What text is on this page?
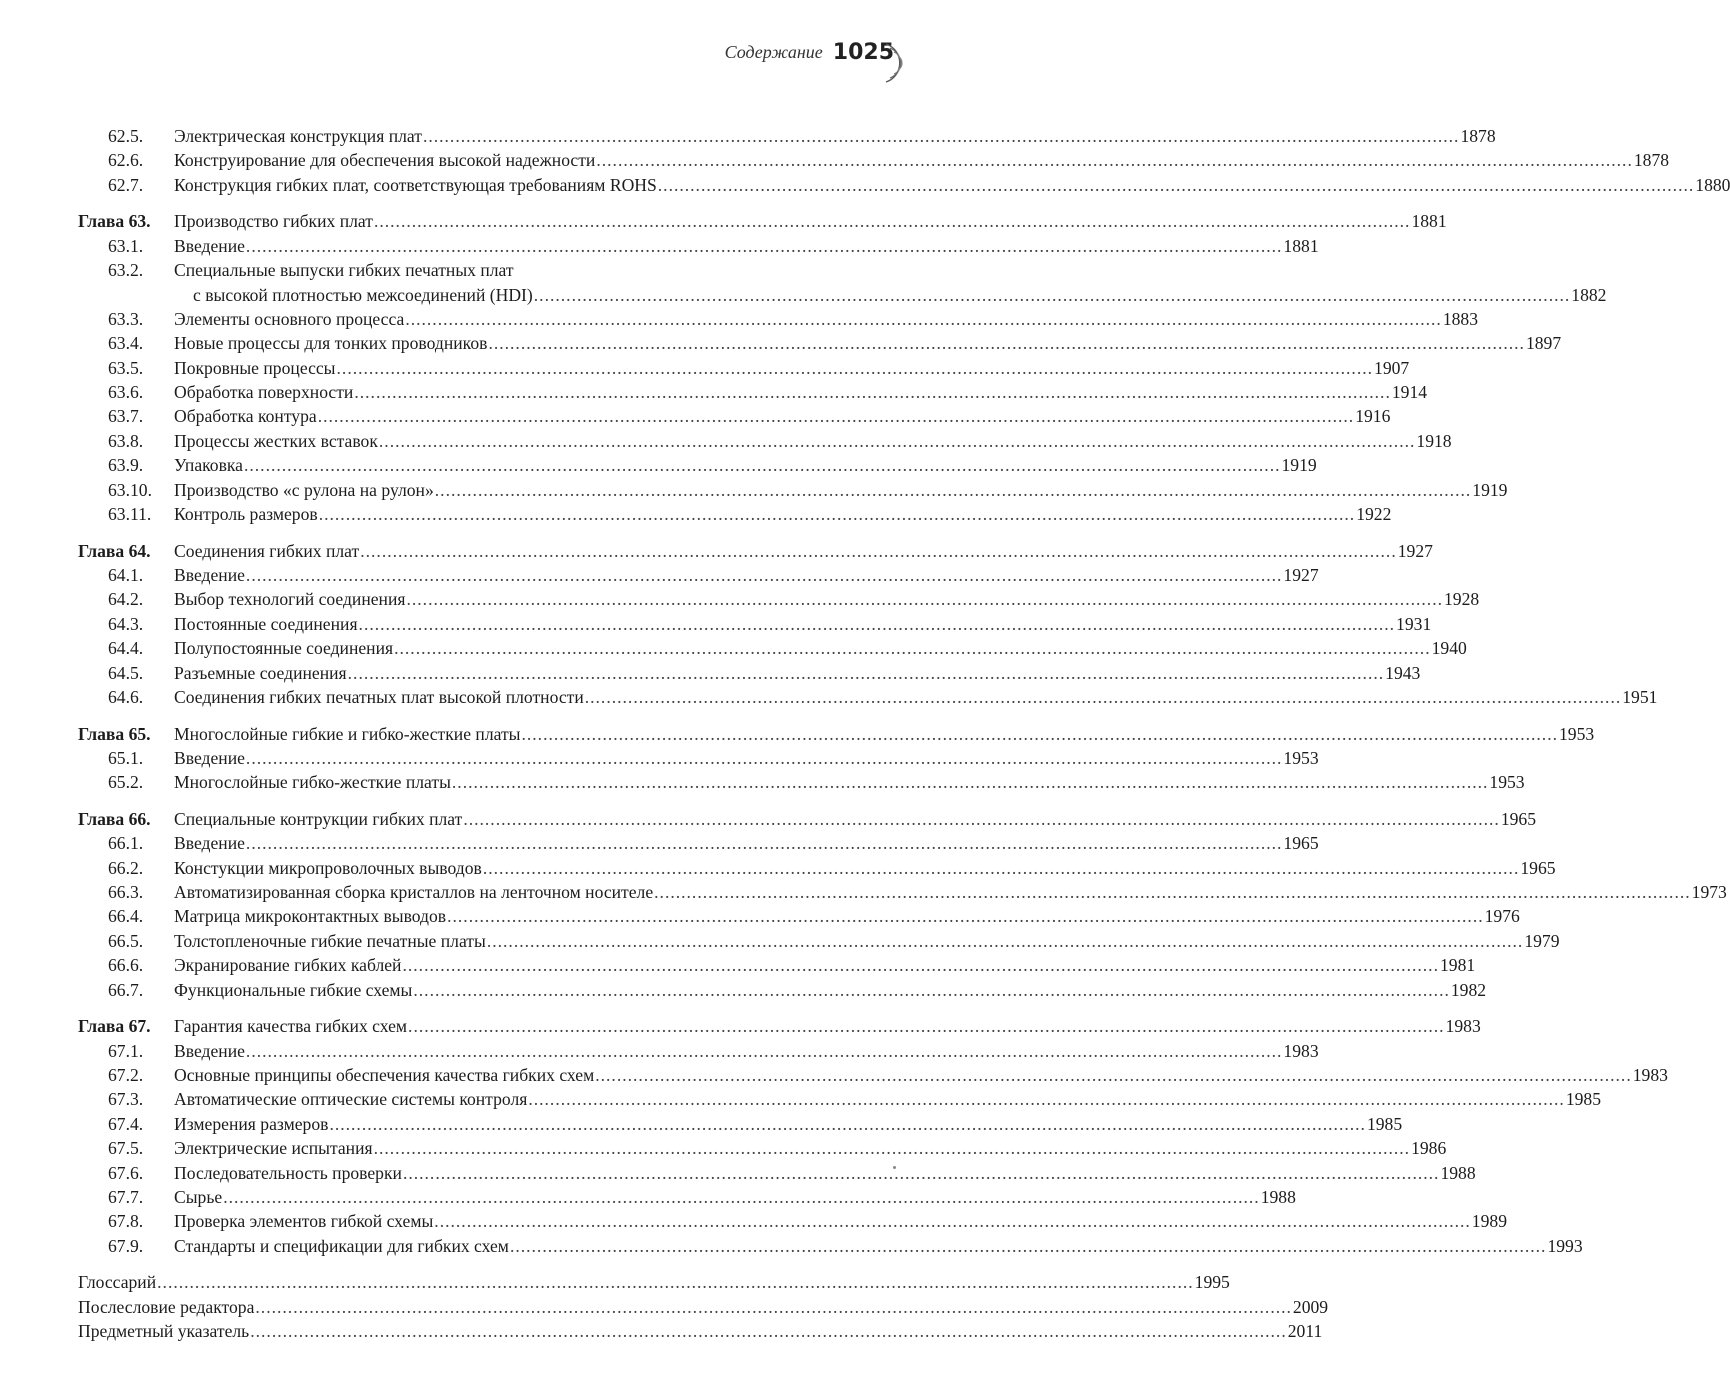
Содержание 1025
62.5.	Электрическая конструкция плат .....	1878
62.6.	Конструирование для обеспечения высокой надежности .....	1878
62.7.	Конструкция гибких плат, соответствующая требованиям ROHS .....	1880
Глава 63.	Производство гибких плат .....	1881
63.1.	Введение .....	1881
63.2.	Специальные выпуски гибких печатных плат
с высокой плотностью межсоединений (HDI) .....	1882
63.3.	Элементы основного процесса .....	1883
63.4.	Новые процессы для тонких проводников .....	1897
63.5.	Покровные процессы .....	1907
63.6.	Обработка поверхности .....	1914
63.7.	Обработка контура .....	1916
63.8.	Процессы жестких вставок .....	1918
63.9.	Упаковка .....	1919
63.10.	Производство «с рулона на рулон» .....	1919
63.11.	Контроль размеров .....	1922
Глава 64.	Соединения гибких плат .....	1927
64.1.	Введение .....	1927
64.2.	Выбор технологий соединения .....	1928
64.3.	Постоянные соединения .....	1931
64.4.	Полупостоянные соединения .....	1940
64.5.	Разъемные соединения .....	1943
64.6.	Соединения гибких печатных плат высокой плотности .....	1951
Глава 65.	Многослойные гибкие и гибко-жесткие платы .....	1953
65.1.	Введение .....	1953
65.2.	Многослойные гибко-жесткие платы .....	1953
Глава 66.	Специальные контрукции гибких плат .....	1965
66.1.	Введение .....	1965
66.2.	Констукции микропроволочных выводов .....	1965
66.3.	Автоматизированная сборка кристаллов на ленточном носителе .....	1973
66.4.	Матрица микроконтактных выводов .....	1976
66.5.	Толстопленочные гибкие печатные платы .....	1979
66.6.	Экранирование гибких каблей .....	1981
66.7.	Функциональные гибкие схемы .....	1982
Глава 67.	Гарантия качества гибких схем .....	1983
67.1.	Введение .....	1983
67.2.	Основные принципы обеспечения качества гибких схем .....	1983
67.3.	Автоматические оптические системы контроля .....	1985
67.4.	Измерения размеров .....	1985
67.5.	Электрические испытания .....	1986
67.6.	Последовательность проверки .....	1988
67.7.	Сырье .....	1988
67.8.	Проверка элементов гибкой схемы .....	1989
67.9.	Стандарты и спецификации для гибких схем .....	1993
Глоссарий .....	1995
Послесловие редактора .....	2009
Предметный указатель .....	2011
